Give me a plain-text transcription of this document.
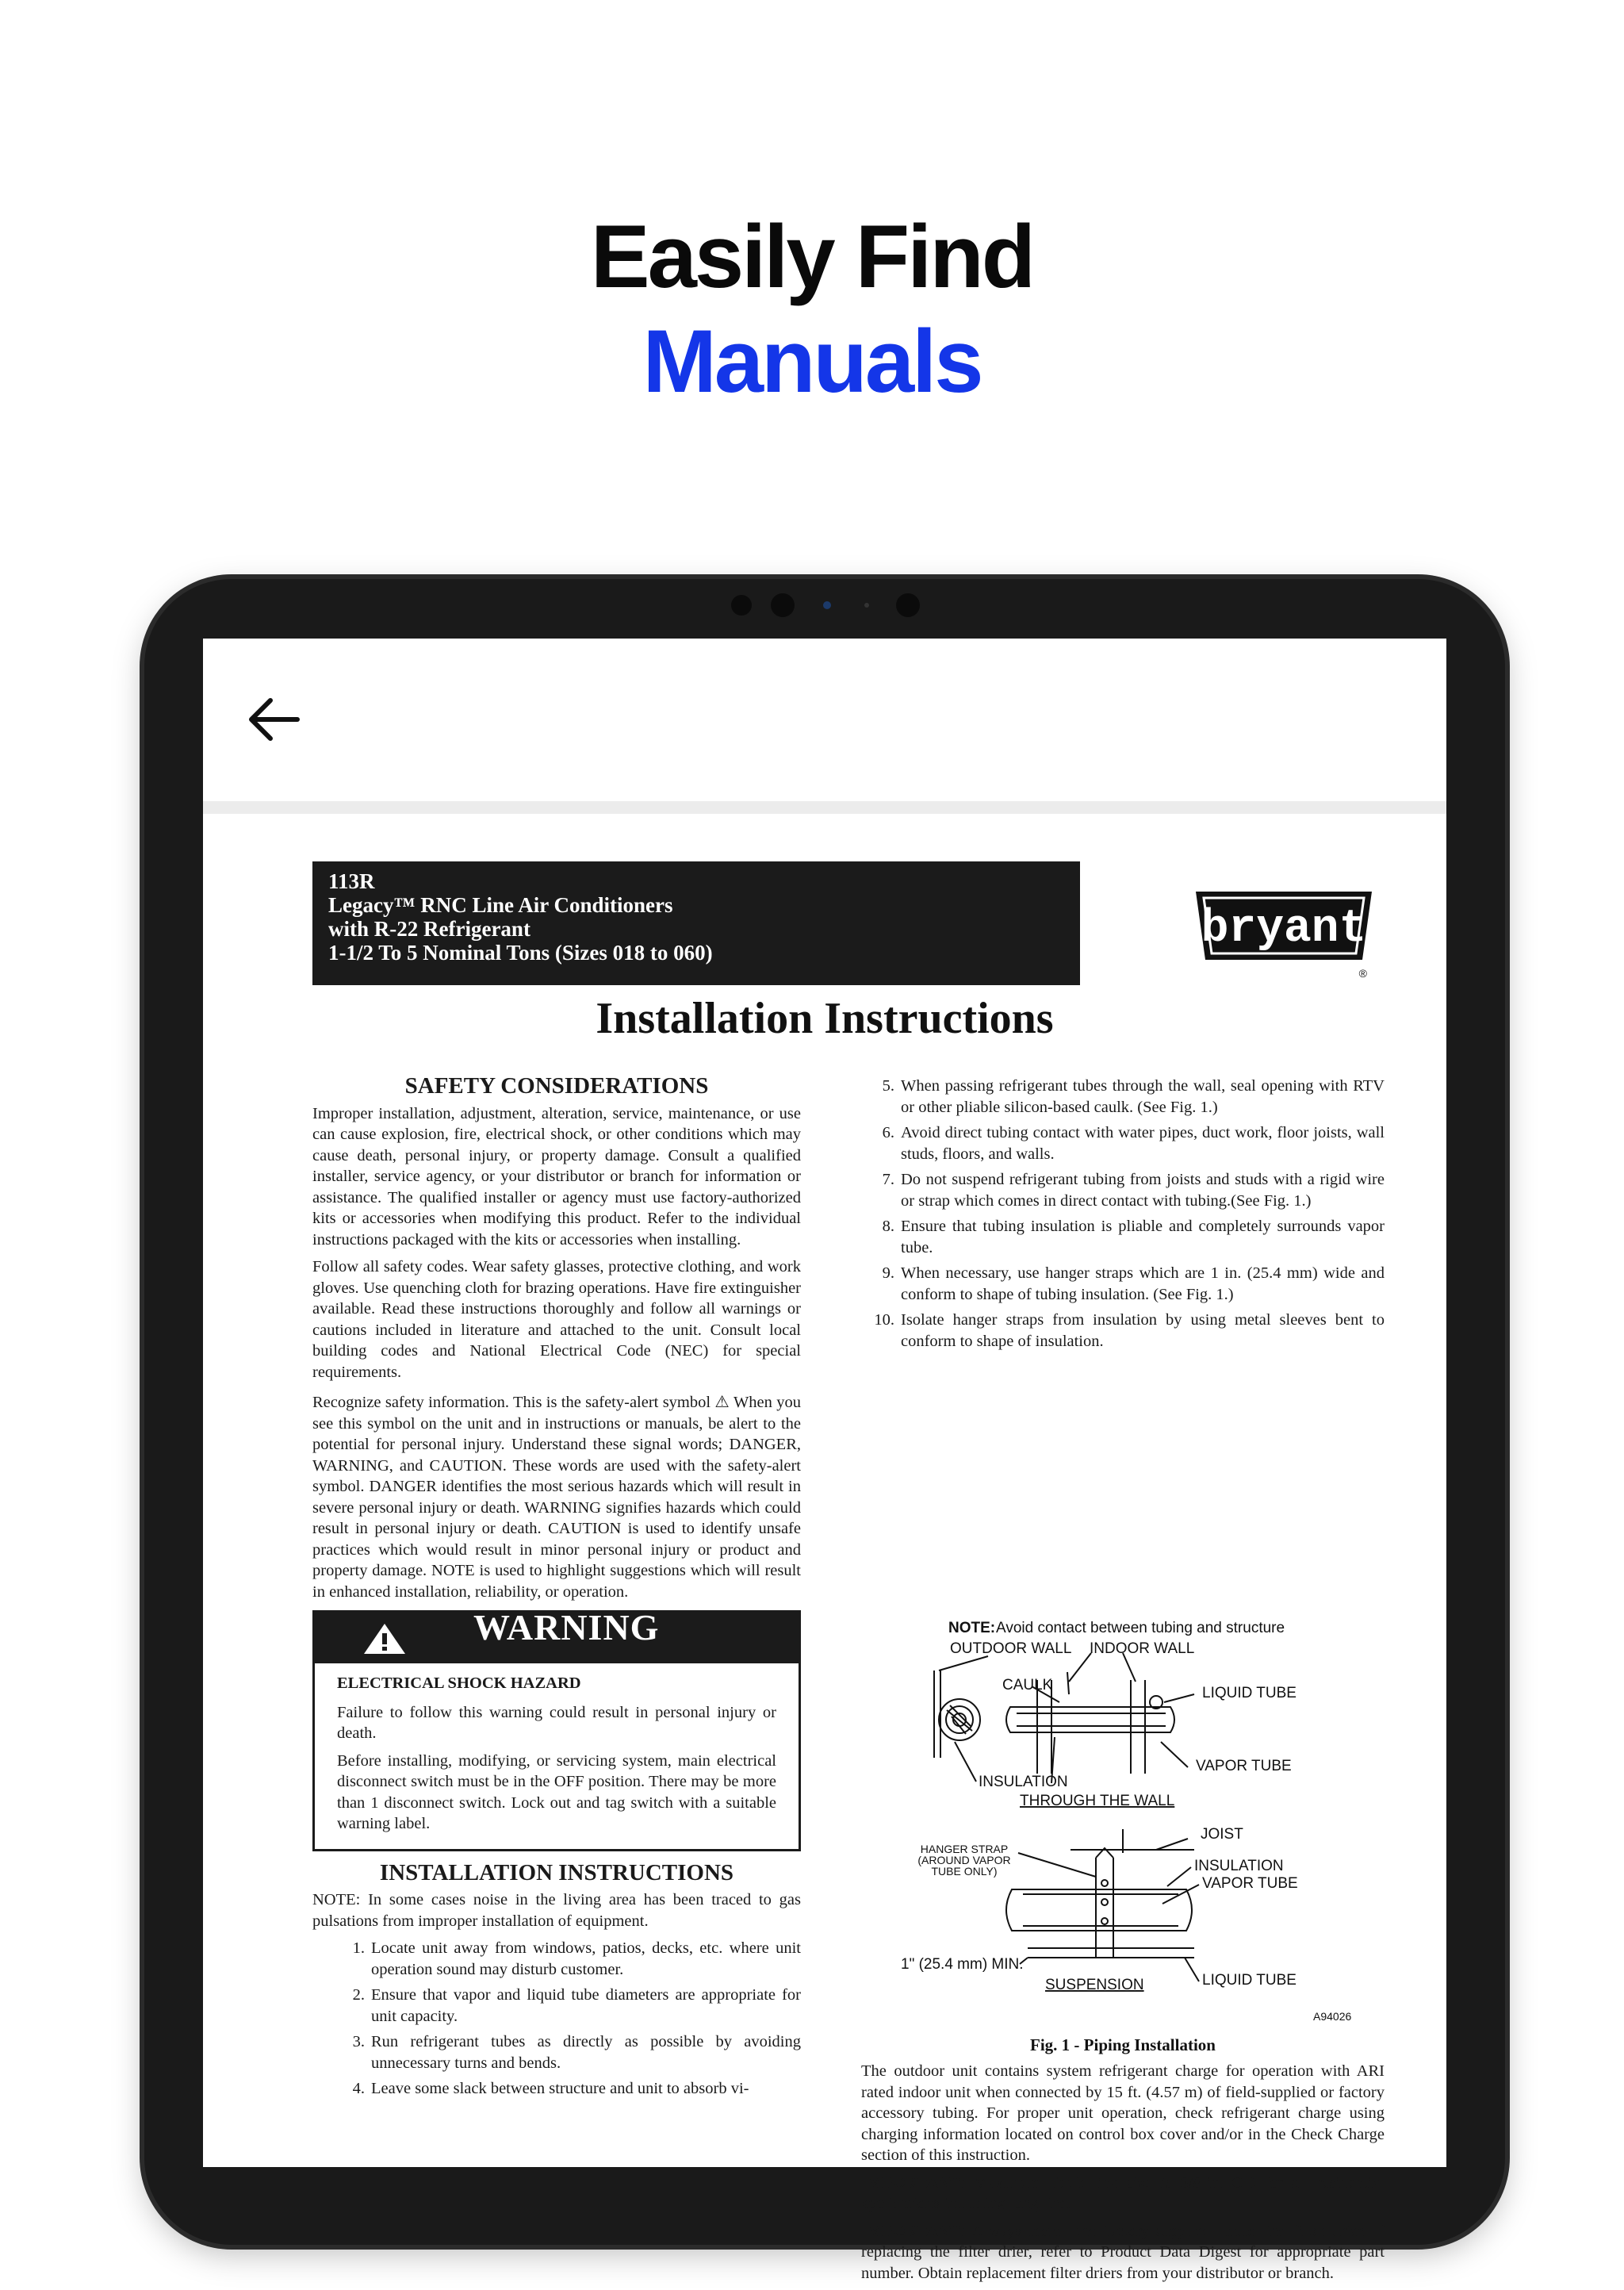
Easily Find
Manuals
113R
Legacy™ RNC Line Air Conditioners
with R-22 Refrigerant
1-1/2 To 5 Nominal Tons (Sizes 018 to 060)	bryant
®
Installation Instructions
SAFETY CONSIDERATIONS

Improper installation, adjustment, alteration, service, maintenance, or use can cause explosion, fire, electrical shock, or other conditions which may cause death, personal injury, or property damage. Consult a qualified installer, service agency, or your distributor or branch for information or assistance. The qualified installer or agency must use factory-authorized kits or accessories when modifying this product. Refer to the individual instructions packaged with the kits or accessories when installing.

Follow all safety codes. Wear safety glasses, protective clothing, and work gloves. Use quenching cloth for brazing operations. Have fire extinguisher available. Read these instructions thoroughly and follow all warnings or cautions included in literature and attached to the unit. Consult local building codes and National Electrical Code (NEC) for special requirements.

Recognize safety information. This is the safety-alert symbol ⚠ When you see this symbol on the unit and in instructions or manuals, be alert to the potential for personal injury. Understand these signal words; DANGER, WARNING, and CAUTION. These words are used with the safety-alert symbol. DANGER identifies the most serious hazards which will result in severe personal injury or death. WARNING signifies hazards which could result in personal injury or death. CAUTION is used to identify unsafe practices which would result in minor personal injury or product and property damage. NOTE is used to highlight suggestions which will result in enhanced installation, reliability, or operation.

WARNING
ELECTRICAL SHOCK HAZARD

Failure to follow this warning could result in personal injury or death.

Before installing, modifying, or servicing system, main electrical disconnect switch must be in the OFF position. There may be more than 1 disconnect switch. Lock out and tag switch with a suitable warning label.

INSTALLATION INSTRUCTIONS

NOTE: In some cases noise in the living area has been traced to gas pulsations from improper installation of equipment.

1. Locate unit away from windows, patios, decks, etc. where unit operation sound may disturb customer.
2. Ensure that vapor and liquid tube diameters are appropriate for unit capacity.
3. Run refrigerant tubes as directly as possible by avoiding unnecessary turns and bends.
4. Leave some slack between structure and unit to absorb vi-
5. When passing refrigerant tubes through the wall, seal opening with RTV or other pliable silicon-based caulk. (See Fig. 1.)
6. Avoid direct tubing contact with water pipes, duct work, floor joists, wall studs, floors, and walls.
7. Do not suspend refrigerant tubing from joists and studs with a rigid wire or strap which comes in direct contact with tubing.(See Fig. 1.)
8. Ensure that tubing insulation is pliable and completely surrounds vapor tube.
9. When necessary, use hanger straps which are 1 in. (25.4 mm) wide and conform to shape of tubing insulation. (See Fig. 1.)
10. Isolate hanger straps from insulation by using metal sleeves bent to conform to shape of insulation.
NOTE: Avoid contact between tubing and structure
OUTDOOR WALL INDOOR WALL
CAULK	LIQUID TUBE
VAPOR TUBE
INSULATION
THROUGH THE WALL
JOIST
HANGER STRAP
(AROUND VAPOR
TUBE ONLY)	INSULATION
VAPOR TUBE
1" (25.4 mm) MIN.
SUSPENSION	LIQUID TUBE
A94026
Fig. 1 - Piping Installation

The outdoor unit contains system refrigerant charge for operation with ARI rated indoor unit when connected by 15 ft. (4.57 m) of field-supplied or factory accessory tubing. For proper unit operation, check refrigerant charge using charging information located on control box cover and/or in the Check Charge section of this instruction.

IMPORTANT: Maximum liquid-line size is 3/8-in. OD for all residential applications including long line.

IMPORTANT: Always install the factory-supplied liquid-line filter drier. If replacing the filter drier, refer to Product Data Digest for appropriate part number. Obtain replacement filter driers from your distributor or branch.
